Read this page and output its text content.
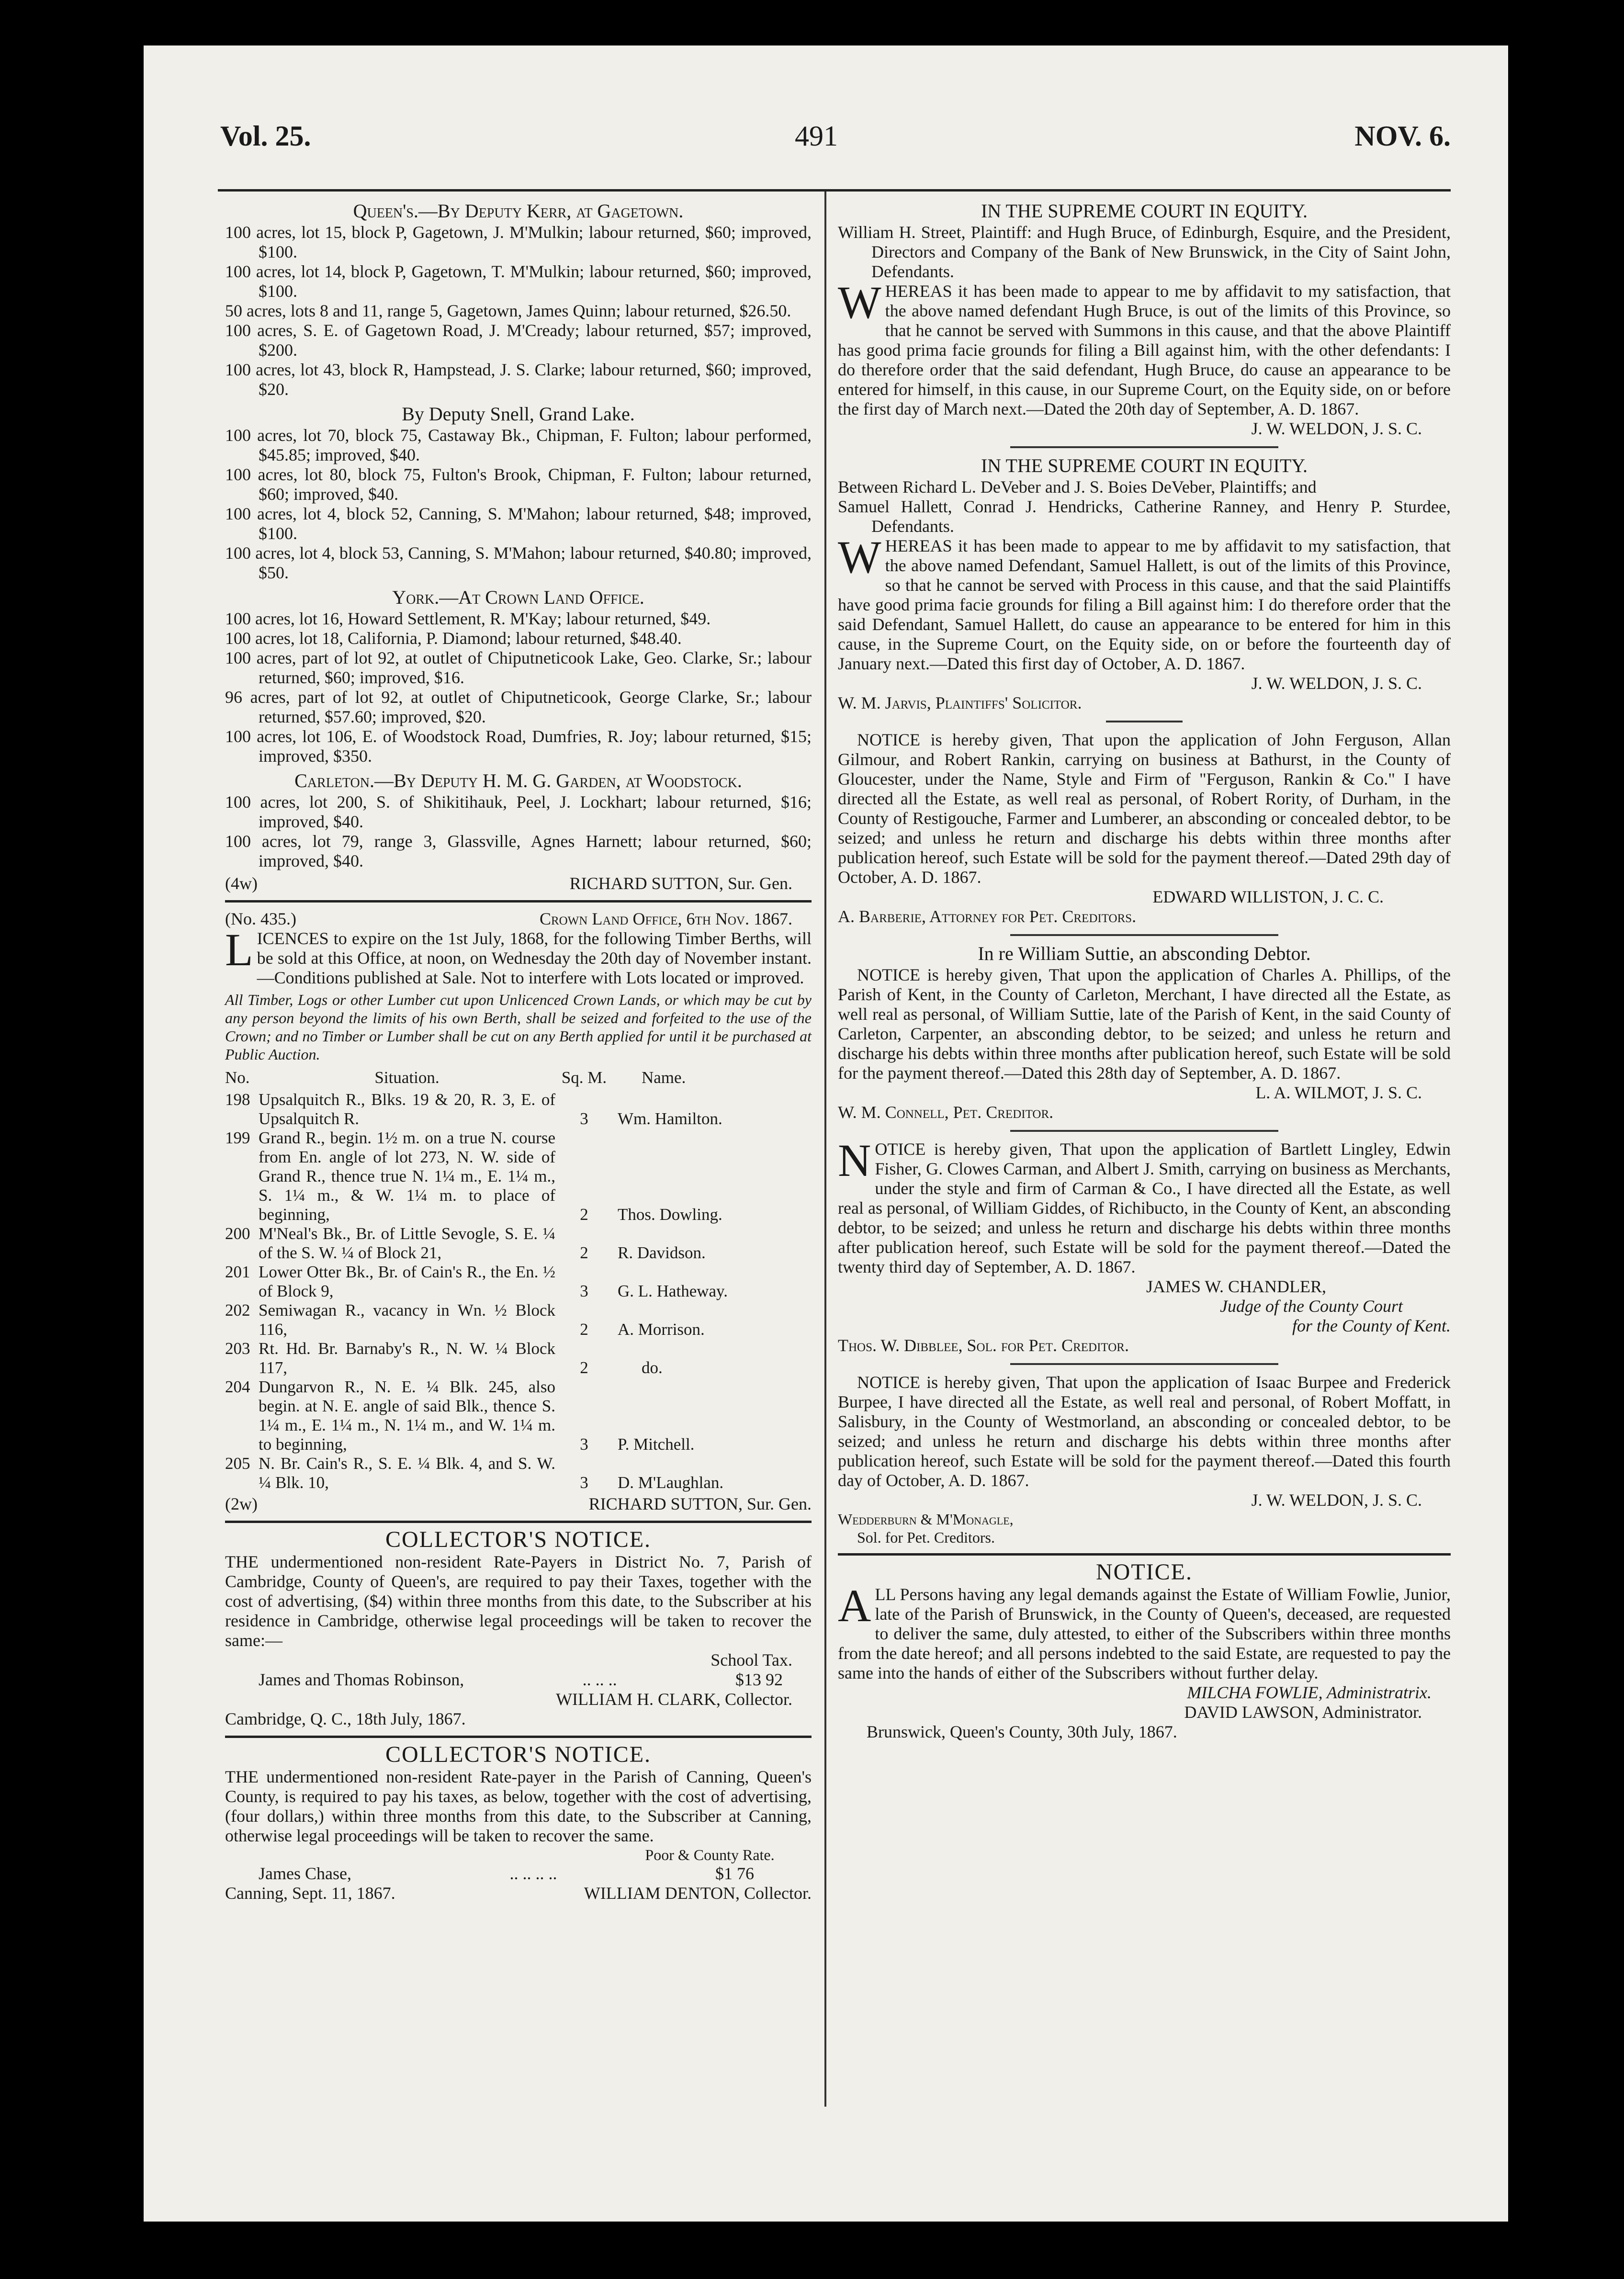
Vol. 25.	491	NOV. 6.

Queen's.—By Deputy Kerr, at Gagetown.

100 acres, lot 15, block P, Gagetown, J. M'Mulkin; labour returned, $60; improved, $100.

100 acres, lot 14, block P, Gagetown, T. M'Mulkin; labour returned, $60; improved, $100.

50 acres, lots 8 and 11, range 5, Gagetown, James Quinn; labour returned, $26.50.

100 acres, S. E. of Gagetown Road, J. M'Cready; labour returned, $57; improved, $200.

100 acres, lot 43, block R, Hampstead, J. S. Clarke; labour returned, $60; improved, $20.

By Deputy Snell, Grand Lake.

100 acres, lot 70, block 75, Castaway Bk., Chipman, F. Fulton; labour performed, $45.85; improved, $40.

100 acres, lot 80, block 75, Fulton's Brook, Chipman, F. Fulton; labour returned, $60; improved, $40.

100 acres, lot 4, block 52, Canning, S. M'Mahon; labour returned, $48; improved, $100.

100 acres, lot 4, block 53, Canning, S. M'Mahon; labour returned, $40.80; improved, $50.

York.—At Crown Land Office.

100 acres, lot 16, Howard Settlement, R. M'Kay; labour returned, $49.

100 acres, lot 18, California, P. Diamond; labour returned, $48.40.

100 acres, part of lot 92, at outlet of Chiputneticook Lake, Geo. Clarke, Sr.; labour returned, $60; improved, $16.

96 acres, part of lot 92, at outlet of Chiputneticook, George Clarke, Sr.; labour returned, $57.60; improved, $20.

100 acres, lot 106, E. of Woodstock Road, Dumfries, R. Joy; labour returned, $15; improved, $350.

Carleton.—By Deputy H. M. G. Garden, at Woodstock.

100 acres, lot 200, S. of Shikitihauk, Peel, J. Lockhart; labour returned, $16; improved, $40.

100 acres, lot 79, range 3, Glassville, Agnes Harnett; labour returned, $60; improved, $40.

(4w)	RICHARD SUTTON, Sur. Gen.
(No. 435.)	Crown Land Office, 6th Nov. 1867.

L ICENCES to expire on the 1st July, 1868, for the following Timber Berths, will be sold at this Office, at noon, on Wednesday the 20th day of November instant.—Conditions published at Sale. Not to interfere with Lots located or improved.

All Timber, Logs or other Lumber cut upon Unlicenced Crown Lands, or which may be cut by any person beyond the limits of his own Berth, shall be seized and forfeited to the use of the Crown; and no Timber or Lumber shall be cut on any Berth applied for until it be purchased at Public Auction.

No.	Situation.	Sq. M.	Name.
198	Upsalquitch R., Blks. 19 & 20, R. 3, E. of Upsalquitch R.	3	Wm. Hamilton.
199	Grand R., begin. 1½ m. on a true N. course from En. angle of lot 273, N. W. side of Grand R., thence true N. 1¼ m., E. 1¼ m., S. 1¼ m., & W. 1¼ m. to place of beginning,	2	Thos. Dowling.
200	M'Neal's Bk., Br. of Little Sevogle, S. E. ¼ of the S. W. ¼ of Block 21,	2	R. Davidson.
201	Lower Otter Bk., Br. of Cain's R., the En. ½ of Block 9,	3	G. L. Hatheway.
202	Semiwagan R., vacancy in Wn. ½ Block 116,	2	A. Morrison.
203	Rt. Hd. Br. Barnaby's R., N. W. ¼ Block 117,	2	do.
204	Dungarvon R., N. E. ¼ Blk. 245, also begin. at N. E. angle of said Blk., thence S. 1¼ m., E. 1¼ m., N. 1¼ m., and W. 1¼ m. to beginning,	3	P. Mitchell.
205	N. Br. Cain's R., S. E. ¼ Blk. 4, and S. W. ¼ Blk. 10,	3	D. M'Laughlan.
(2w)	RICHARD SUTTON, Sur. Gen.

COLLECTOR'S NOTICE.

THE undermentioned non-resident Rate-Payers in District No. 7, Parish of Cambridge, County of Queen's, are required to pay their Taxes, together with the cost of advertising, ($4) within three months from this date, to the Subscriber at his residence in Cambridge, otherwise legal proceedings will be taken to recover the same:—

School Tax.

James and Thomas Robinson,	.. .. ..	$13 92

WILLIAM H. CLARK, Collector.

Cambridge, Q. C., 18th July, 1867.

COLLECTOR'S NOTICE.

THE undermentioned non-resident Rate-payer in the Parish of Canning, Queen's County, is required to pay his taxes, as below, together with the cost of advertising, (four dollars,) within three months from this date, to the Subscriber at Canning, otherwise legal proceedings will be taken to recover the same.

Poor & County Rate.

James Chase,	.. .. .. ..	$1 76
Canning, Sept. 11, 1867.	WILLIAM DENTON, Collector.

IN THE SUPREME COURT IN EQUITY.

William H. Street, Plaintiff: and Hugh Bruce, of Edinburgh, Esquire, and the President, Directors and Company of the Bank of New Brunswick, in the City of Saint John, Defendants.

W HEREAS it has been made to appear to me by affidavit to my satisfaction, that the above named defendant Hugh Bruce, is out of the limits of this Province, so that he cannot be served with Summons in this cause, and that the above Plaintiff has good prima facie grounds for filing a Bill against him, with the other defendants: I do therefore order that the said defendant, Hugh Bruce, do cause an appearance to be entered for himself, in this cause, in our Supreme Court, on the Equity side, on or before the first day of March next.—Dated the 20th day of September, A. D. 1867.

J. W. WELDON, J. S. C.

IN THE SUPREME COURT IN EQUITY.

Between Richard L. DeVeber and J. S. Boies DeVeber, Plaintiffs; and

Samuel Hallett, Conrad J. Hendricks, Catherine Ranney, and Henry P. Sturdee, Defendants.

W HEREAS it has been made to appear to me by affidavit to my satisfaction, that the above named Defendant, Samuel Hallett, is out of the limits of this Province, so that he cannot be served with Process in this cause, and that the said Plaintiffs have good prima facie grounds for filing a Bill against him: I do therefore order that the said Defendant, Samuel Hallett, do cause an appearance to be entered for him in this cause, in the Supreme Court, on the Equity side, on or before the fourteenth day of January next.—Dated this first day of October, A. D. 1867.

J. W. WELDON, J. S. C.

W. M. Jarvis, Plaintiffs' Solicitor.

NOTICE is hereby given, That upon the application of John Ferguson, Allan Gilmour, and Robert Rankin, carrying on business at Bathurst, in the County of Gloucester, under the Name, Style and Firm of "Ferguson, Rankin & Co." I have directed all the Estate, as well real as personal, of Robert Rority, of Durham, in the County of Restigouche, Farmer and Lumberer, an absconding or concealed debtor, to be seized; and unless he return and discharge his debts within three months after publication hereof, such Estate will be sold for the payment thereof.—Dated 29th day of October, A. D. 1867.

EDWARD WILLISTON, J. C. C.

A. Barberie, Attorney for Pet. Creditors.

In re William Suttie, an absconding Debtor.

NOTICE is hereby given, That upon the application of Charles A. Phillips, of the Parish of Kent, in the County of Carleton, Merchant, I have directed all the Estate, as well real as personal, of William Suttie, late of the Parish of Kent, in the said County of Carleton, Carpenter, an absconding debtor, to be seized; and unless he return and discharge his debts within three months after publication hereof, such Estate will be sold for the payment thereof.—Dated this 28th day of September, A. D. 1867.

L. A. WILMOT, J. S. C.

W. M. Connell, Pet. Creditor.

N OTICE is hereby given, That upon the application of Bartlett Lingley, Edwin Fisher, G. Clowes Carman, and Albert J. Smith, carrying on business as Merchants, under the style and firm of Carman & Co., I have directed all the Estate, as well real as personal, of William Giddes, of Richibucto, in the County of Kent, an absconding debtor, to be seized; and unless he return and discharge his debts within three months after publication hereof, such Estate will be sold for the payment thereof.—Dated the twenty third day of September, A. D. 1867.

JAMES W. CHANDLER,

Judge of the County Court

for the County of Kent.

Thos. W. Dibblee, Sol. for Pet. Creditor.

NOTICE is hereby given, That upon the application of Isaac Burpee and Frederick Burpee, I have directed all the Estate, as well real and personal, of Robert Moffatt, in Salisbury, in the County of Westmorland, an absconding or concealed debtor, to be seized; and unless he return and discharge his debts within three months after publication hereof, such Estate will be sold for the payment thereof.—Dated this fourth day of October, A. D. 1867.

J. W. WELDON, J. S. C.

Wedderburn & M'Monagle,

Sol. for Pet. Creditors.

NOTICE.

A LL Persons having any legal demands against the Estate of William Fowlie, Junior, late of the Parish of Brunswick, in the County of Queen's, deceased, are requested to deliver the same, duly attested, to either of the Subscribers within three months from the date hereof; and all persons indebted to the said Estate, are requested to pay the same into the hands of either of the Subscribers without further delay.

MILCHA FOWLIE, Administratrix.

DAVID LAWSON, Administrator.

Brunswick, Queen's County, 30th July, 1867.
